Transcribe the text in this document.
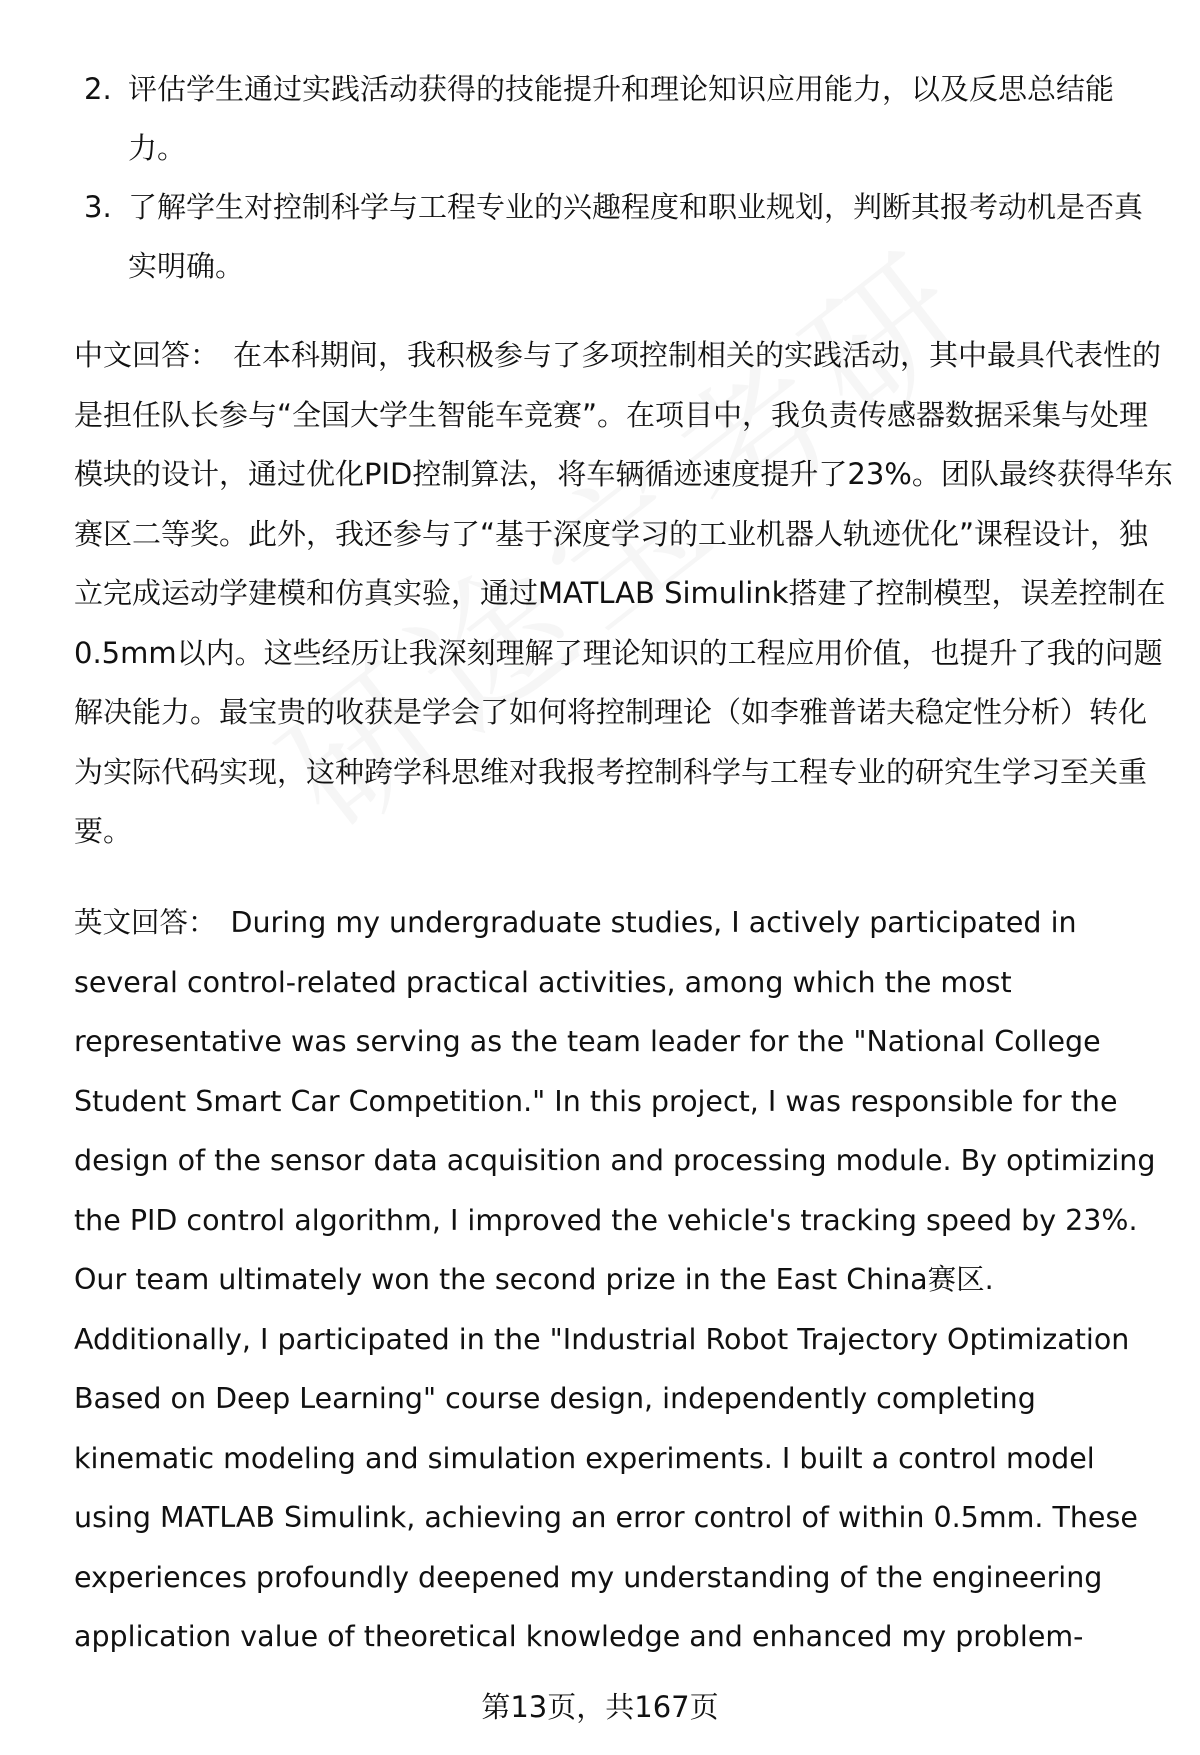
2. 评估学生通过实践活动获得的技能提升和理论知识应用能力，以及反思总结能力。
3. 了解学生对控制科学与工程专业的兴趣程度和职业规划，判断其报考动机是否真实明确。

中文回答： 在本科期间，我积极参与了多项控制相关的实践活动，其中最具代表性的是担任队长参与“全国大学生智能车竞赛”。在项目中，我负责传感器数据采集与处理模块的设计，通过优化PID控制算法，将车辆循迹速度提升了23%。团队最终获得华东赛区二等奖。此外，我还参与了“基于深度学习的工业机器人轨迹优化”课程设计，独立完成运动学建模和仿真实验，通过MATLAB Simulink搭建了控制模型，误差控制在0.5mm以内。这些经历让我深刻理解了理论知识的工程应用价值，也提升了我的问题解决能力。最宝贵的收获是学会了如何将控制理论（如李雅普诺夫稳定性分析）转化为实际代码实现，这种跨学科思维对我报考控制科学与工程专业的研究生学习至关重要。

英文回答： During my undergraduate studies, I actively participated in several control-related practical activities, among which the most representative was serving as the team leader for the "National College Student Smart Car Competition." In this project, I was responsible for the design of the sensor data acquisition and processing module. By optimizing the PID control algorithm, I improved the vehicle's tracking speed by 23%. Our team ultimately won the second prize in the East China赛区. Additionally, I participated in the "Industrial Robot Trajectory Optimization Based on Deep Learning" course design, independently completing kinematic modeling and simulation experiments. I built a control model using MATLAB Simulink, achieving an error control of within 0.5mm. These experiences profoundly deepened my understanding of the engineering application value of theoretical knowledge and enhanced my problem-

第13页，共167页
